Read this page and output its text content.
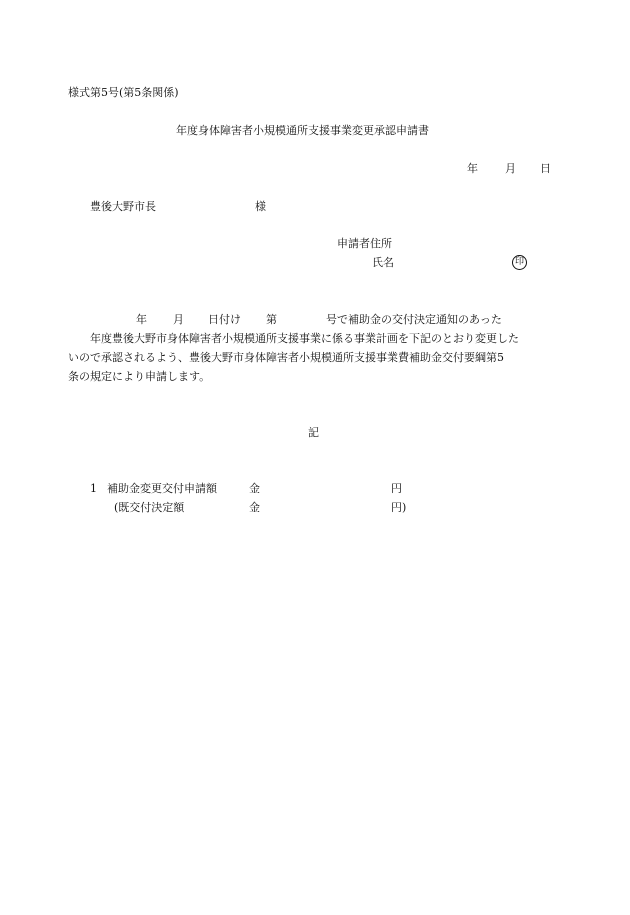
様式第5号(第5条関係)
年度身体障害者小規模通所支援事業変更承認申請書
年 月 日
豊後大野市長	様
申請者住所
氏名	印
年 月 日付け 第	号で補助金の交付決定通知のあった
年度豊後大野市身体障害者小規模通所支援事業に係る事業計画を下記のとおり変更した
いので承認されるよう、豊後大野市身体障害者小規模通所支援事業費補助金交付要綱第5
条の規定により申請します。
記
1 補助金変更交付申請額	金	円
(既交付決定額	金	円)
